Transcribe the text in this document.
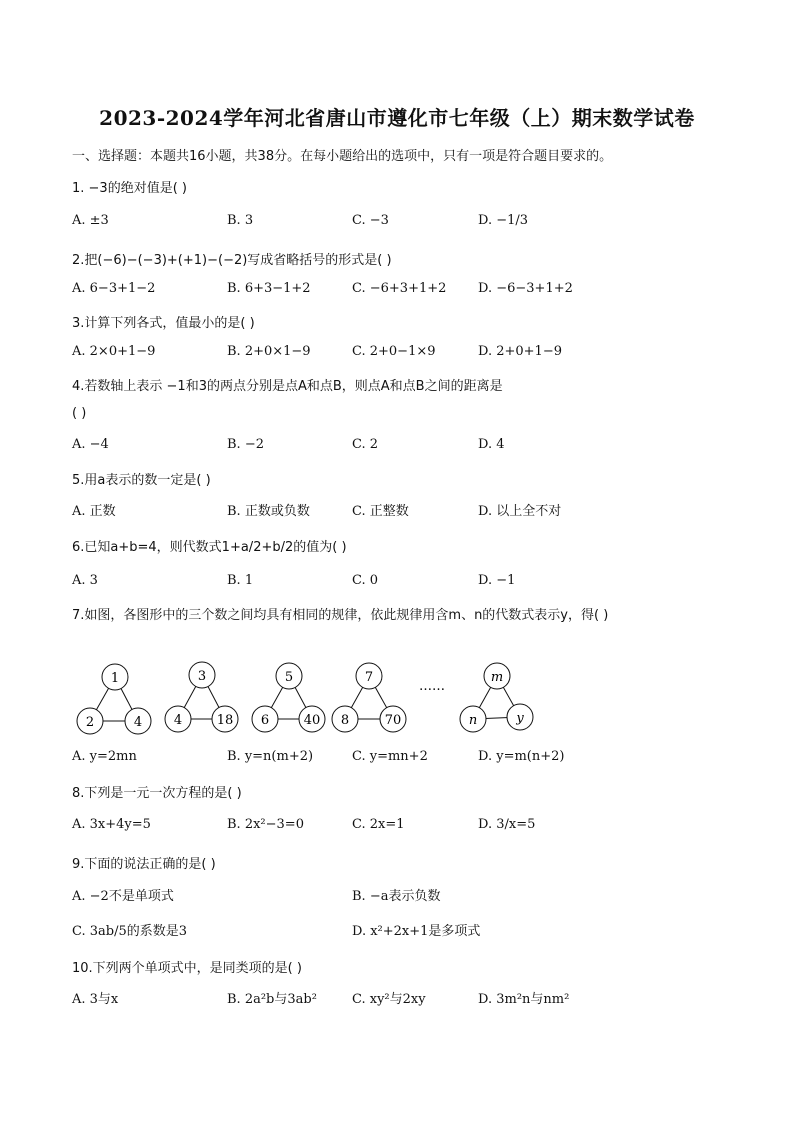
2023-2024学年河北省唐山市遵化市七年级（上）期末数学试卷
一、选择题：本题共16小题，共38分。在每小题给出的选项中，只有一项是符合题目要求的。
1. −3的绝对值是( )
A. ±3	B. 3	C. −3	D. −1/3
2.把(−6)−(−3)+(+1)−(−2)写成省略括号的形式是( )
A. 6−3+1−2	B. 6+3−1+2	C. −6+3+1+2 D. −6−3+1+2
3.计算下列各式，值最小的是( )
A. 2×0+1−9	B. 2+0×1−9	C. 2+0−1×9	D. 2+0+1−9
4.若数轴上表示 −1和3的两点分别是点A和点B，则点A和点B之间的距离是
( )
A. −4	B. −2	C. 2	D. 4
5.用a表示的数一定是( )
A. 正数	B. 正数或负数	C. 正整数	D. 以上全不对
6.已知a+b=4，则代数式1+a/2+b/2的值为( )
A. 3	B. 1	C. 0	D. −1
7.如图，各图形中的三个数之间均具有相同的规律，依此规律用含m、n的代数式表示y，得( )
1
2	4
3
4	18
5
6	40
7
8	70
……
m
n	y
A. y=2mn	B. y=n(m+2)	C. y=mn+2	D. y=m(n+2)
8.下列是一元一次方程的是( )
A. 3x+4y=5	B. 2x²−3=0	C. 2x=1	D. 3/x=5
9.下面的说法正确的是( )
A. −2不是单项式	B. −a表示负数
C. 3ab/5的系数是3	D. x²+2x+1是多项式
10.下列两个单项式中，是同类项的是( )
A. 3与x	B. 2a²b与3ab²	C. xy²与2xy	D. 3m²n与nm²
